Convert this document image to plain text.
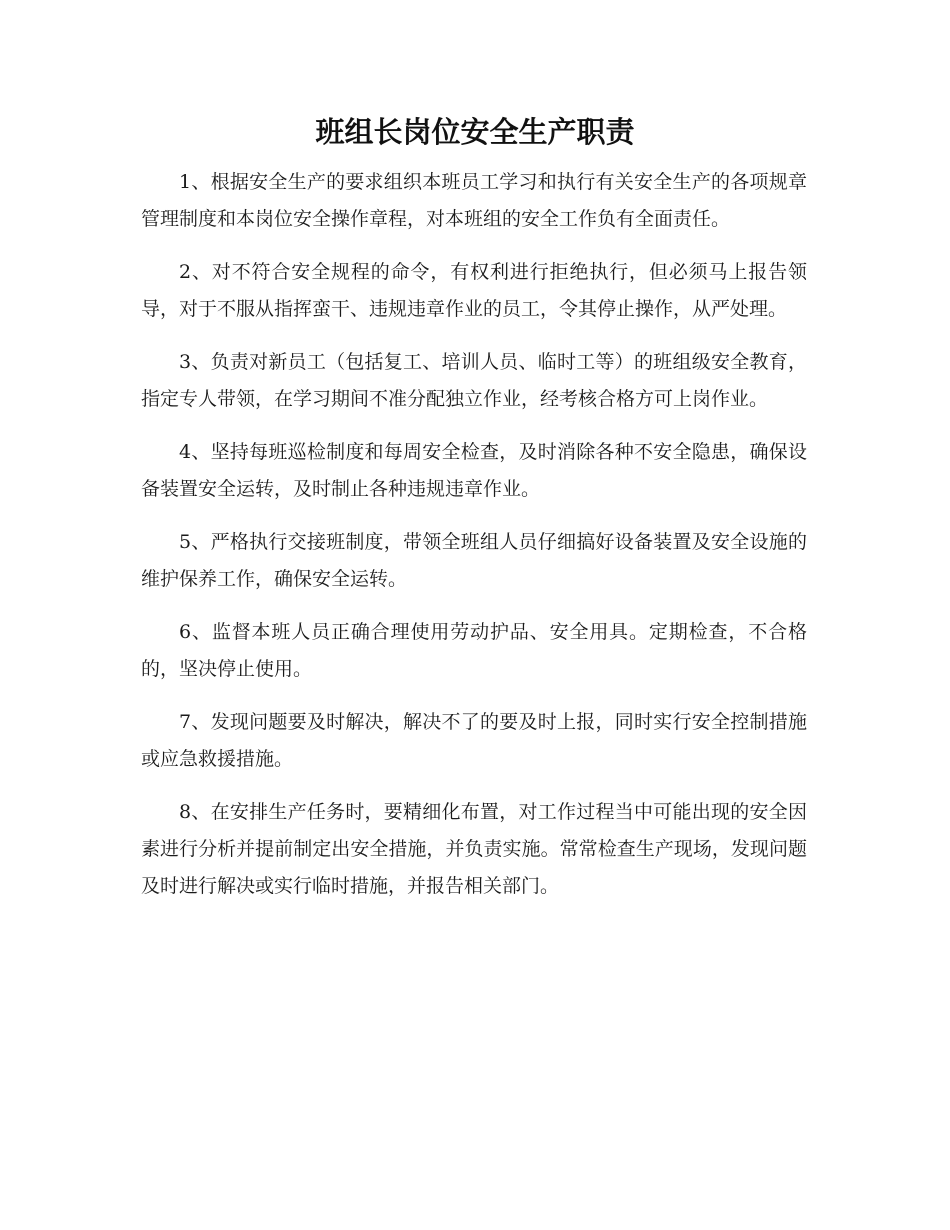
班组长岗位安全生产职责

1、根据安全生产的要求组织本班员工学习和执行有关安全生产的各项规章管理制度和本岗位安全操作章程，对本班组的安全工作负有全面责任。

2、对不符合安全规程的命令，有权利进行拒绝执行，但必须马上报告领导，对于不服从指挥蛮干、违规违章作业的员工，令其停止操作，从严处理。

3、负责对新员工（包括复工、培训人员、临时工等）的班组级安全教育，指定专人带领，在学习期间不准分配独立作业，经考核合格方可上岗作业。

4、坚持每班巡检制度和每周安全检查，及时消除各种不安全隐患，确保设备装置安全运转，及时制止各种违规违章作业。

5、严格执行交接班制度，带领全班组人员仔细搞好设备装置及安全设施的维护保养工作，确保安全运转。

6、监督本班人员正确合理使用劳动护品、安全用具。定期检查，不合格的，坚决停止使用。

7、发现问题要及时解决，解决不了的要及时上报，同时实行安全控制措施或应急救援措施。

8、在安排生产任务时，要精细化布置，对工作过程当中可能出现的安全因素进行分析并提前制定出安全措施，并负责实施。常常检查生产现场，发现问题及时进行解决或实行临时措施，并报告相关部门。
